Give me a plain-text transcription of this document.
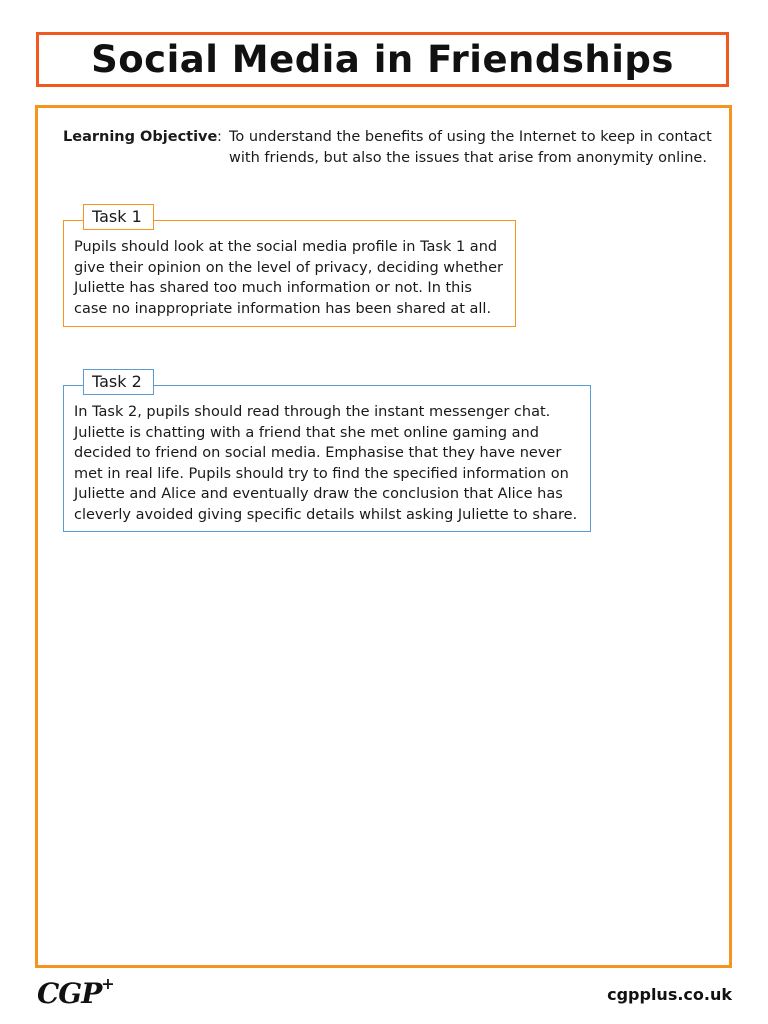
Social Media in Friendships
Learning Objective : To understand the benefits of using the Internet to keep in contact with friends, but also the issues that arise from anonymity online.
Pupils should look at the social media profile in Task 1 and
give their opinion on the level of privacy, deciding whether
Juliette has shared too much information or not. In this
case no inappropriate information has been shared at all.
Task 1
In Task 2, pupils should read through the instant messenger chat.
Juliette is chatting with a friend that she met online gaming and
decided to friend on social media. Emphasise that they have never
met in real life. Pupils should try to find the specified information on
Juliette and Alice and eventually draw the conclusion that Alice has
cleverly avoided giving specific details whilst asking Juliette to share.
Task 2
CGP+
cgpplus.co.uk
